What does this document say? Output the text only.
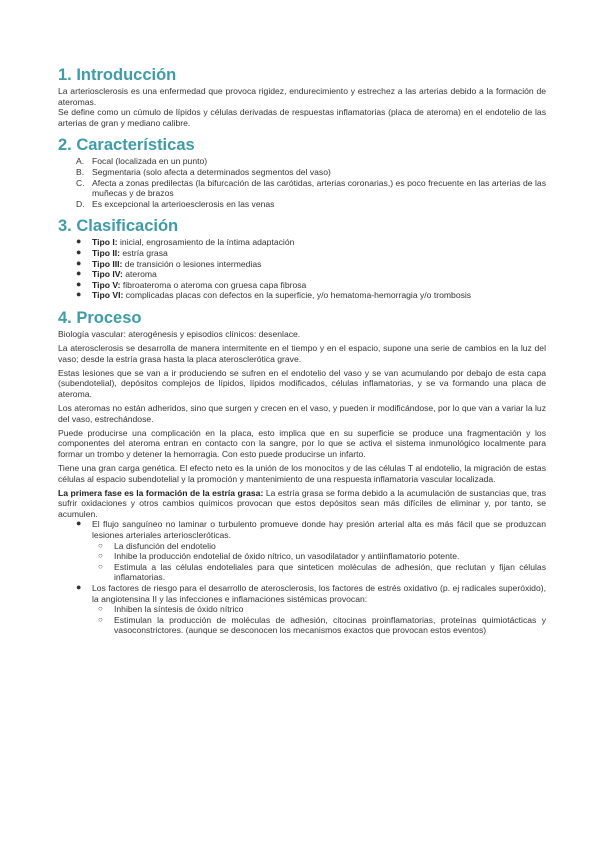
1. Introducción

La arteriosclerosis es una enfermedad que provoca rigidez, endurecimiento y estrechez a las arterias debido a la formación de ateromas.

Se define como un cúmulo de lípidos y células derivadas de respuestas inflamatorias (placa de ateroma) en el endotelio de las arterias de gran y mediano calibre.

2. Características
A. Focal (localizada en un punto)
B. Segmentaria (solo afecta a determinados segmentos del vaso)
C. Afecta a zonas predilectas (la bifurcación de las carótidas, arterias coronarias,) es poco frecuente en las arterias de las muñecas y de brazos
D. Es excepcional la arterioesclerosis en las venas
3. Clasificación
● Tipo I: inicial, engrosamiento de la íntima adaptación
● Tipo II: estría grasa
● Tipo III: de transición o lesiones intermedias
● Tipo IV: ateroma
● Tipo V: fibroateroma o ateroma con gruesa capa fibrosa
● Tipo VI: complicadas placas con defectos en la superficie, y/o hematoma-hemorragia y/o trombosis
4. Proceso

Biología vascular: aterogénesis y episodios clínicos: desenlace.

La aterosclerosis se desarrolla de manera intermitente en el tiempo y en el espacio, supone una serie de cambios en la luz del vaso; desde la estría grasa hasta la placa aterosclerótica grave.

Estas lesiones que se van a ir produciendo se sufren en el endotelio del vaso y se van acumulando por debajo de esta capa (subendotelial), depósitos complejos de lípidos, lípidos modificados, células inflamatorias, y se va formando una placa de ateroma.

Los ateromas no están adheridos, sino que surgen y crecen en el vaso, y pueden ir modificándose, por lo que van a variar la luz del vaso, estrechándose.

Puede producirse una complicación en la placa, esto implica que en su superficie se produce una fragmentación y los componentes del ateroma entran en contacto con la sangre, por lo que se activa el sistema inmunológico localmente para formar un trombo y detener la hemorragia. Con esto puede producirse un infarto.

Tiene una gran carga genética. El efecto neto es la unión de los monocitos y de las células T al endotelio, la migración de estas células al espacio subendotelial y la promoción y mantenimiento de una respuesta inflamatoria vascular localizada.

La primera fase es la formación de la estría grasa: La estría grasa se forma debido a la acumulación de sustancias que, tras sufrir oxidaciones y otros cambios químicos provocan que estos depósitos sean más difíciles de eliminar y, por tanto, se acumulen.

● El flujo sanguíneo no laminar o turbulento promueve donde hay presión arterial alta es más fácil que se produzcan lesiones arteriales arterioscleróticas.
○ La disfunción del endotelio
○ Inhibe la producción endotelial de óxido nítrico, un vasodilatador y antiinflamatorio potente.
○ Estimula a las células endoteliales para que sinteticen moléculas de adhesión, que reclutan y fijan células inflamatorias.
● Los factores de riesgo para el desarrollo de aterosclerosis, los factores de estrés oxidativo (p. ej radicales superóxido), la angiotensina II y las infecciones e inflamaciones sistémicas provocan:
○ Inhiben la síntesis de óxido nítrico
○ Estimulan la producción de moléculas de adhesión, citocinas proinflamatorias, proteínas quimiotácticas y vasoconstrictores. (aunque se desconocen los mecanismos exactos que provocan estos eventos)
